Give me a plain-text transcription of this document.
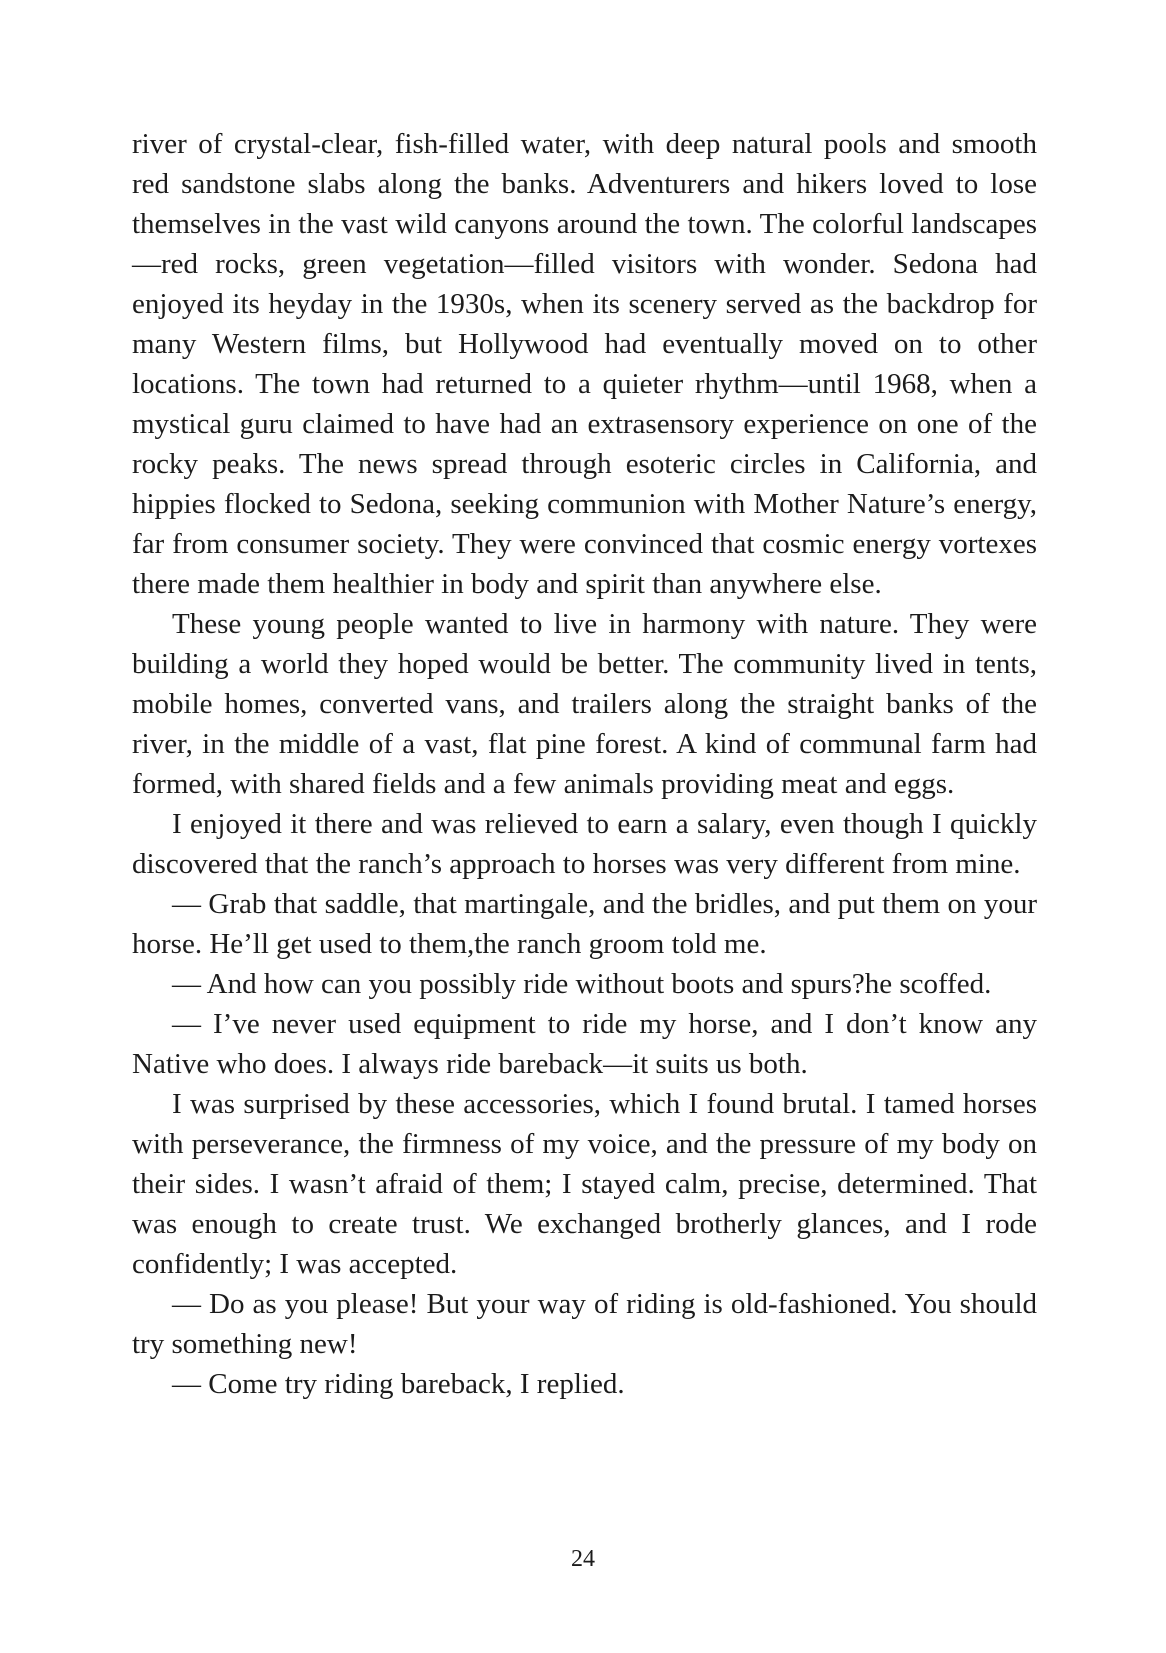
river of crystal-clear, fish-filled water, with deep natural pools and smooth red sandstone slabs along the banks. Adventurers and hikers loved to lose themselves in the vast wild canyons around the town. The colorful landscapes—red rocks, green vegetation—filled visitors with wonder. Sedona had enjoyed its heyday in the 1930s, when its scenery served as the backdrop for many Western films, but Hollywood had eventually moved on to other locations. The town had returned to a quieter rhythm—until 1968, when a mystical guru claimed to have had an extrasensory experience on one of the rocky peaks. The news spread through esoteric circles in California, and hippies flocked to Sedona, seeking communion with Mother Nature’s energy, far from consumer society. They were convinced that cosmic energy vortexes there made them healthier in body and spirit than anywhere else.

These young people wanted to live in harmony with nature. They were building a world they hoped would be better. The community lived in tents, mobile homes, converted vans, and trailers along the straight banks of the river, in the middle of a vast, flat pine forest. A kind of communal farm had formed, with shared fields and a few animals providing meat and eggs.

I enjoyed it there and was relieved to earn a salary, even though I quickly discovered that the ranch’s approach to horses was very different from mine.

— Grab that saddle, that martingale, and the bridles, and put them on your horse. He’ll get used to them,the ranch groom told me.

— And how can you possibly ride without boots and spurs?he scoffed.

— I’ve never used equipment to ride my horse, and I don’t know any Native who does. I always ride bareback—it suits us both.

I was surprised by these accessories, which I found brutal. I tamed horses with perseverance, the firmness of my voice, and the pressure of my body on their sides. I wasn’t afraid of them; I stayed calm, precise, determined. That was enough to create trust. We exchanged brotherly glances, and I rode confidently; I was accepted.

— Do as you please! But your way of riding is old-fashioned. You should try something new!

— Come try riding bareback, I replied.

24
